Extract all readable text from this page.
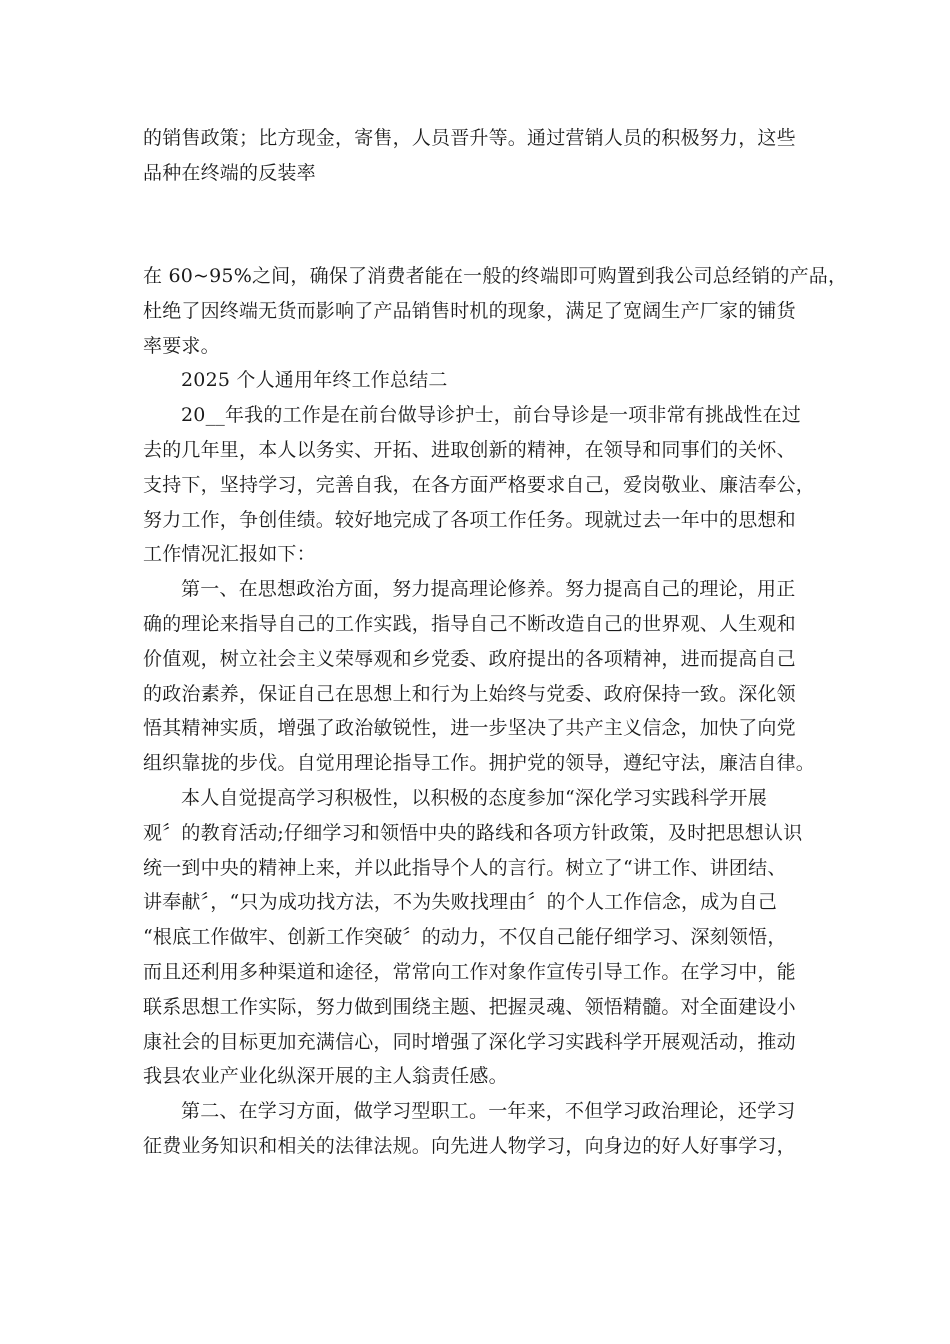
的销售政策；比方现金，寄售，人员晋升等。通过营销人员的积极努力，这些
品种在终端的反装率
在 60~95%之间，确保了消费者能在一般的终端即可购置到我公司总经销的产品，
杜绝了因终端无货而影响了产品销售时机的现象，满足了宽阔生产厂家的铺货
率要求。
2025 个人通用年终工作总结二
20__年我的工作是在前台做导诊护士，前台导诊是一项非常有挑战性在过
去的几年里，本人以务实、开拓、进取创新的精神，在领导和同事们的关怀、
支持下，坚持学习，完善自我，在各方面严格要求自己，爱岗敬业、廉洁奉公，
努力工作，争创佳绩。较好地完成了各项工作任务。现就过去一年中的思想和
工作情况汇报如下：
第一、在思想政治方面，努力提高理论修养。努力提高自己的理论，用正
确的理论来指导自己的工作实践，指导自己不断改造自己的世界观、人生观和
价值观，树立社会主义荣辱观和乡党委、政府提出的各项精神，进而提高自己
的政治素养，保证自己在思想上和行为上始终与党委、政府保持一致。深化领
悟其精神实质，增强了政治敏锐性，进一步坚决了共产主义信念，加快了向党
组织靠拢的步伐。自觉用理论指导工作。拥护党的领导，遵纪守法，廉洁自律。
本人自觉提高学习积极性，以积极的态度参加“深化学习实践科学开展
观〞的教育活动;仔细学习和领悟中央的路线和各项方针政策，及时把思想认识
统一到中央的精神上来，并以此指导个人的言行。树立了“讲工作、讲团结、
讲奉献〞，“只为成功找方法，不为失败找理由〞的个人工作信念，成为自己
“根底工作做牢、创新工作突破〞的动力，不仅自己能仔细学习、深刻领悟，
而且还利用多种渠道和途径，常常向工作对象作宣传引导工作。在学习中，能
联系思想工作实际，努力做到围绕主题、把握灵魂、领悟精髓。对全面建设小
康社会的目标更加充满信心，同时增强了深化学习实践科学开展观活动，推动
我县农业产业化纵深开展的主人翁责任感。
第二、在学习方面，做学习型职工。一年来，不但学习政治理论，还学习
征费业务知识和相关的法律法规。向先进人物学习，向身边的好人好事学习，
